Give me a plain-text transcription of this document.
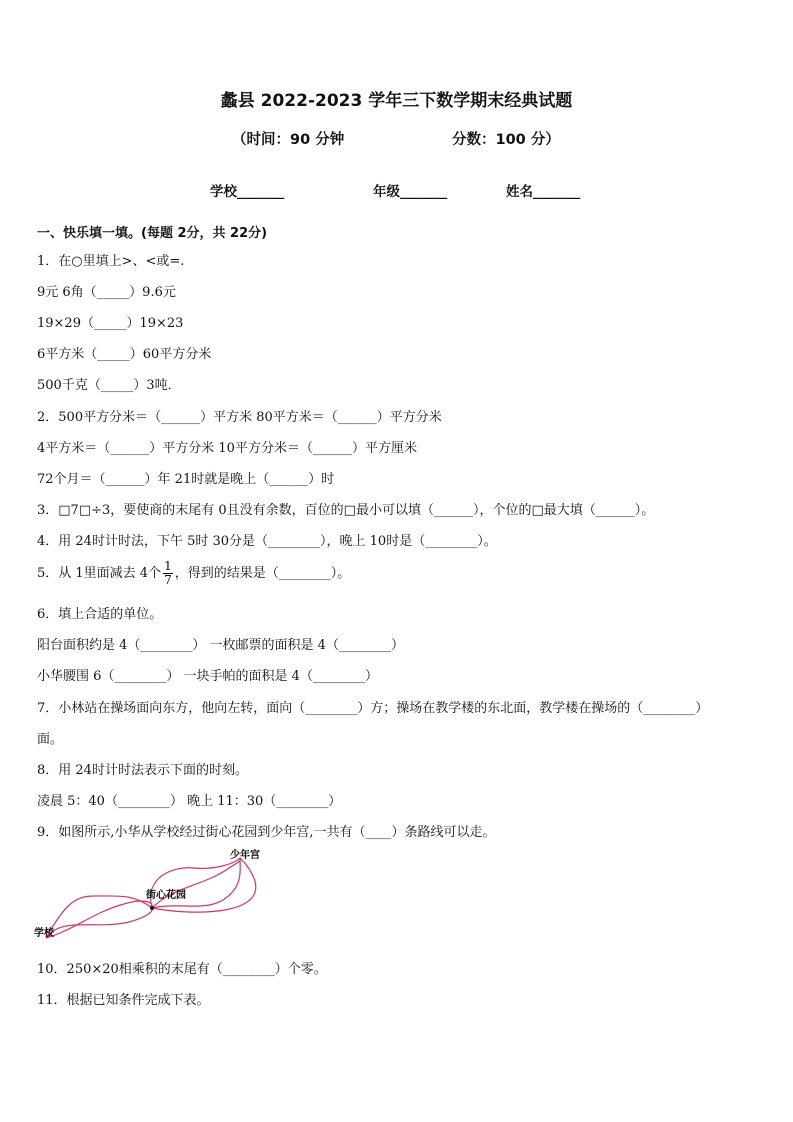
蠡县 2022-2023 学年三下数学期末经典试题
（时间：90 分钟	分数：100 分）
学校_______	年级_______	姓名_______
一、快乐填一填。(每题 2分，共 22分)
1．在○里填上>、<或=.
9元 6角（_____）9.6元
19×29（_____）19×23
6平方米（_____）60平方分米
500千克（_____）3吨．
2．500平方分米＝（______）平方米 80平方米＝（______）平方分米
4平方米＝（______）平方分米 10平方分米＝（______）平方厘米
72个月＝（______）年 21时就是晚上（______）时
3．□7□÷3，要使商的末尾有 0且没有余数，百位的□最小可以填（______），个位的□最大填（______）。
4．用 24时计时法，下午 5时 30分是（________），晚上 10时是（________）。
5．从 1里面减去 4个 $\frac{1}{7}$ ，得到的结果是（________）。
6．填上合适的单位。
阳台面积约是 4（________） 一枚邮票的面积是 4（________）
小华腰围 6（________） 一块手帕的面积是 4（________）
7．小林站在操场面向东方，他向左转，面向（________）方；操场在教学楼的东北面，教学楼在操场的（________）
面。
8．用 24时计时法表示下面的时刻。
凌晨 5：40（________） 晚上 11：30（________）
9．如图所示,小华从学校经过街心花园到少年宫,一共有（____）条路线可以走。
学校
街心花园
少年宫
10．250×20相乘积的末尾有（________）个零。
11．根据已知条件完成下表。
